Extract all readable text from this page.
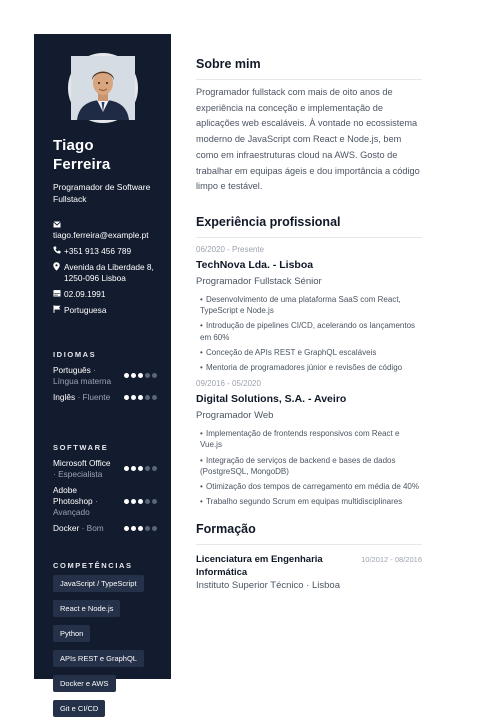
Tiago
Ferreira
Programador de Software Fullstack
tiago.ferreira@example.pt
+351 913 456 789
Avenida da Liberdade 8, 1250-096 Lisboa
02.09.1991
Portuguesa
IDIOMAS
Português · Língua materna
Inglês · Fluente
SOFTWARE
Microsoft Office · Especialista
Adobe Photoshop · Avançado
Docker · Bom
COMPETÊNCIAS
JavaScript / TypeScript
React e Node.js
Python
APIs REST e GraphQL
Docker e AWS
Git e CI/CD
Sobre mim
Programador fullstack com mais de oito anos de experiência na conceção e implementação de aplicações web escaláveis. À vontade no ecossistema moderno de JavaScript com React e Node.js, bem como em infraestruturas cloud na AWS. Gosto de trabalhar em equipas ágeis e dou importância a código limpo e testável.
Experiência profissional
06/2020 - Presente
TechNova Lda. - Lisboa
Programador Fullstack Sénior
• Desenvolvimento de uma plataforma SaaS com React, TypeScript e Node.js
• Introdução de pipelines CI/CD, acelerando os lançamentos em 60%
• Conceção de APIs REST e GraphQL escaláveis
• Mentoria de programadores júnior e revisões de código
09/2016 - 05/2020
Digital Solutions, S.A. - Aveiro
Programador Web
• Implementação de frontends responsivos com React e Vue.js
• Integração de serviços de backend e bases de dados (PostgreSQL, MongoDB)
• Otimização dos tempos de carregamento em média de 40%
• Trabalho segundo Scrum em equipas multidisciplinares
Formação
Licenciatura em Engenharia Informática
Instituto Superior Técnico · Lisboa
10/2012 - 08/2016
